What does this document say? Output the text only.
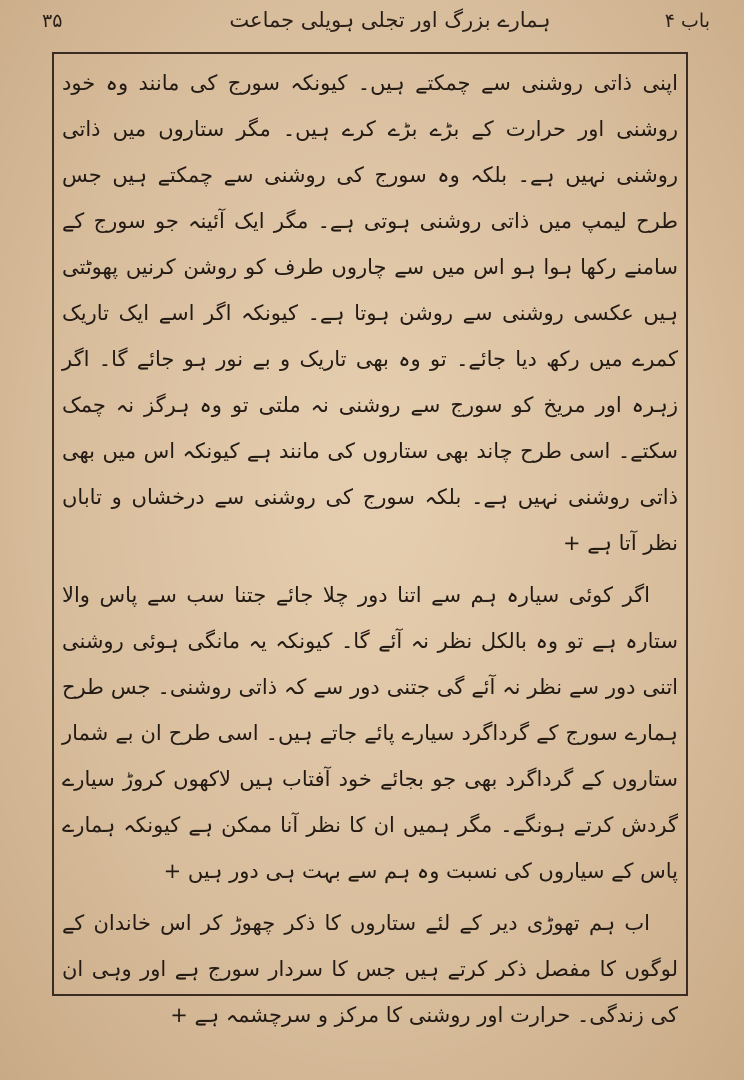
۳۵	ہمارے بزرگ اور تجلی ہویلی جماعت	باب ۴

اپنی ذاتی روشنی سے چمکتے ہیں۔ کیونکہ سورج کی مانند وہ خود روشنی اور حرارت کے بڑے بڑے کرے ہیں۔ مگر ستاروں میں ذاتی روشنی نہیں ہے۔ بلکہ وہ سورج کی روشنی سے چمکتے ہیں جس طرح لیمپ میں ذاتی روشنی ہوتی ہے۔ مگر ایک آئینہ جو سورج کے سامنے رکھا ہوا ہو اس میں سے چاروں طرف کو روشن کرنیں پھوٹتی ہیں عکسی روشنی سے روشن ہوتا ہے۔ کیونکہ اگر اسے ایک تاریک کمرے میں رکھ دیا جائے۔ تو وہ بھی تاریک و بے نور ہو جائے گا۔ اگر زہرہ اور مریخ کو سورج سے روشنی نہ ملتی تو وہ ہرگز نہ چمک سکتے۔ اسی طرح چاند بھی ستاروں کی مانند ہے کیونکہ اس میں بھی ذاتی روشنی نہیں ہے۔ بلکہ سورج کی روشنی سے درخشاں و تاباں نظر آتا ہے +

اگر کوئی سیارہ ہم سے اتنا دور چلا جائے جتنا سب سے پاس والا ستارہ ہے تو وہ بالکل نظر نہ آئے گا۔ کیونکہ یہ مانگی ہوئی روشنی اتنی دور سے نظر نہ آئے گی جتنی دور سے کہ ذاتی روشنی۔ جس طرح ہمارے سورج کے گرداگرد سیارے پائے جاتے ہیں۔ اسی طرح ان بے شمار ستاروں کے گرداگرد بھی جو بجائے خود آفتاب ہیں لاکھوں کروڑ سیارے گردش کرتے ہونگے۔ مگر ہمیں ان کا نظر آنا ممکن ہے کیونکہ ہمارے پاس کے سیاروں کی نسبت وہ ہم سے بہت ہی دور ہیں +

اب ہم تھوڑی دیر کے لئے ستاروں کا ذکر چھوڑ کر اس خاندان کے لوگوں کا مفصل ذکر کرتے ہیں جس کا سردار سورج ہے اور وہی ان کی زندگی۔ حرارت اور روشنی کا مرکز و سرچشمہ ہے +
